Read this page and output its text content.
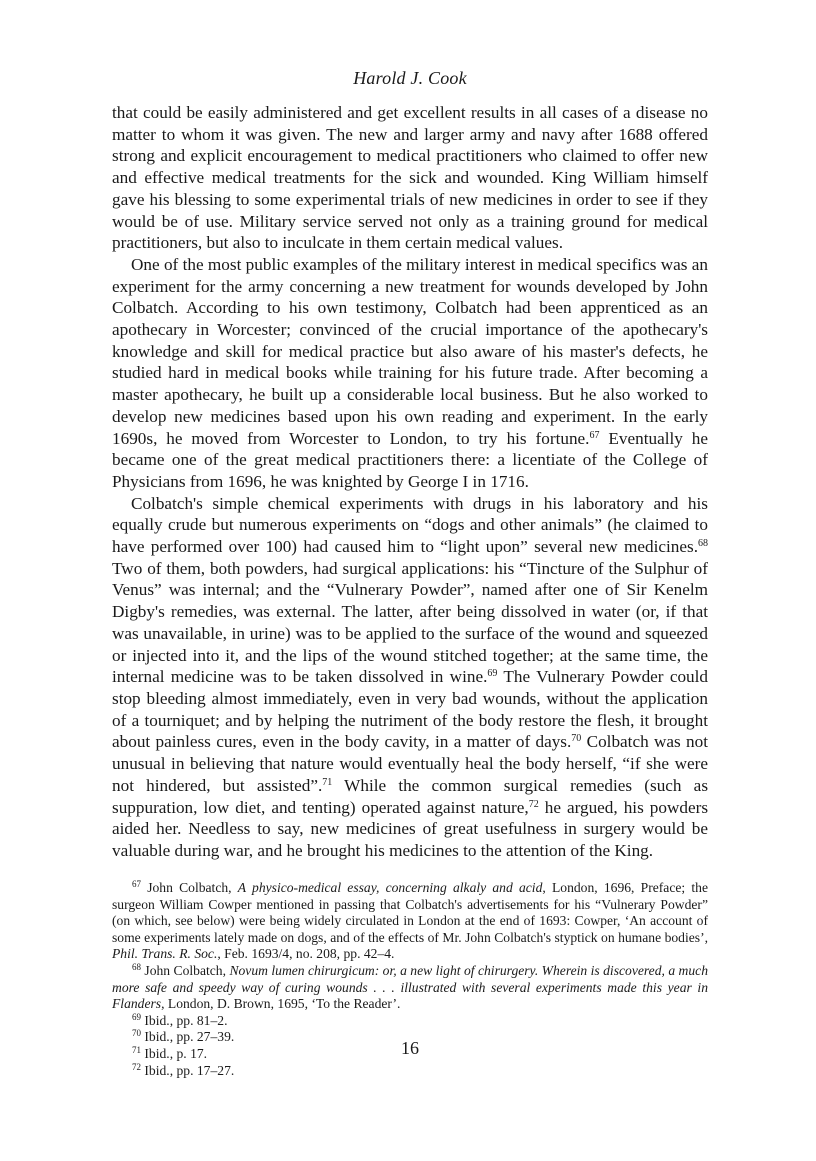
Harold J. Cook

that could be easily administered and get excellent results in all cases of a disease no matter to whom it was given. The new and larger army and navy after 1688 offered strong and explicit encouragement to medical practitioners who claimed to offer new and effective medical treatments for the sick and wounded. King William himself gave his blessing to some experimental trials of new medicines in order to see if they would be of use. Military service served not only as a training ground for medical practitioners, but also to inculcate in them certain medical values.

One of the most public examples of the military interest in medical specifics was an experiment for the army concerning a new treatment for wounds developed by John Colbatch. According to his own testimony, Colbatch had been apprenticed as an apothecary in Worcester; convinced of the crucial importance of the apothecary's knowledge and skill for medical practice but also aware of his master's defects, he studied hard in medical books while training for his future trade. After becoming a master apothecary, he built up a considerable local business. But he also worked to develop new medicines based upon his own reading and experiment. In the early 1690s, he moved from Worcester to London, to try his fortune.$^{67}$ Eventually he became one of the great medical practitioners there: a licentiate of the College of Physicians from 1696, he was knighted by George I in 1716.

Colbatch's simple chemical experiments with drugs in his laboratory and his equally crude but numerous experiments on “dogs and other animals” (he claimed to have performed over 100) had caused him to “light upon” several new medicines.$^{68}$ Two of them, both powders, had surgical applications: his “Tincture of the Sulphur of Venus” was internal; and the “Vulnerary Powder”, named after one of Sir Kenelm Digby's remedies, was external. The latter, after being dissolved in water (or, if that was unavailable, in urine) was to be applied to the surface of the wound and squeezed or injected into it, and the lips of the wound stitched together; at the same time, the internal medicine was to be taken dissolved in wine.$^{69}$ The Vulnerary Powder could stop bleeding almost immediately, even in very bad wounds, without the application of a tourniquet; and by helping the nutriment of the body restore the flesh, it brought about painless cures, even in the body cavity, in a matter of days.$^{70}$ Colbatch was not unusual in believing that nature would eventually heal the body herself, “if she were not hindered, but assisted”.$^{71}$ While the common surgical remedies (such as suppuration, low diet, and tenting) operated against nature,$^{72}$ he argued, his powders aided her. Needless to say, new medicines of great usefulness in surgery would be valuable during war, and he brought his medicines to the attention of the King.

$^{67}$ John Colbatch, A physico-medical essay, concerning alkaly and acid, London, 1696, Preface; the surgeon William Cowper mentioned in passing that Colbatch's advertisements for his “Vulnerary Powder” (on which, see below) were being widely circulated in London at the end of 1693: Cowper, ‘An account of some experiments lately made on dogs, and of the effects of Mr. John Colbatch's styptick on humane bodies’, Phil. Trans. R. Soc., Feb. 1693/4, no. 208, pp. 42–4.

$^{68}$ John Colbatch, Novum lumen chirurgicum: or, a new light of chirurgery. Wherein is discovered, a much more safe and speedy way of curing wounds . . . illustrated with several experiments made this year in Flanders, London, D. Brown, 1695, ‘To the Reader’.

$^{69}$ Ibid., pp. 81–2.

$^{70}$ Ibid., pp. 27–39.

$^{71}$ Ibid., p. 17.

$^{72}$ Ibid., pp. 17–27.

16
